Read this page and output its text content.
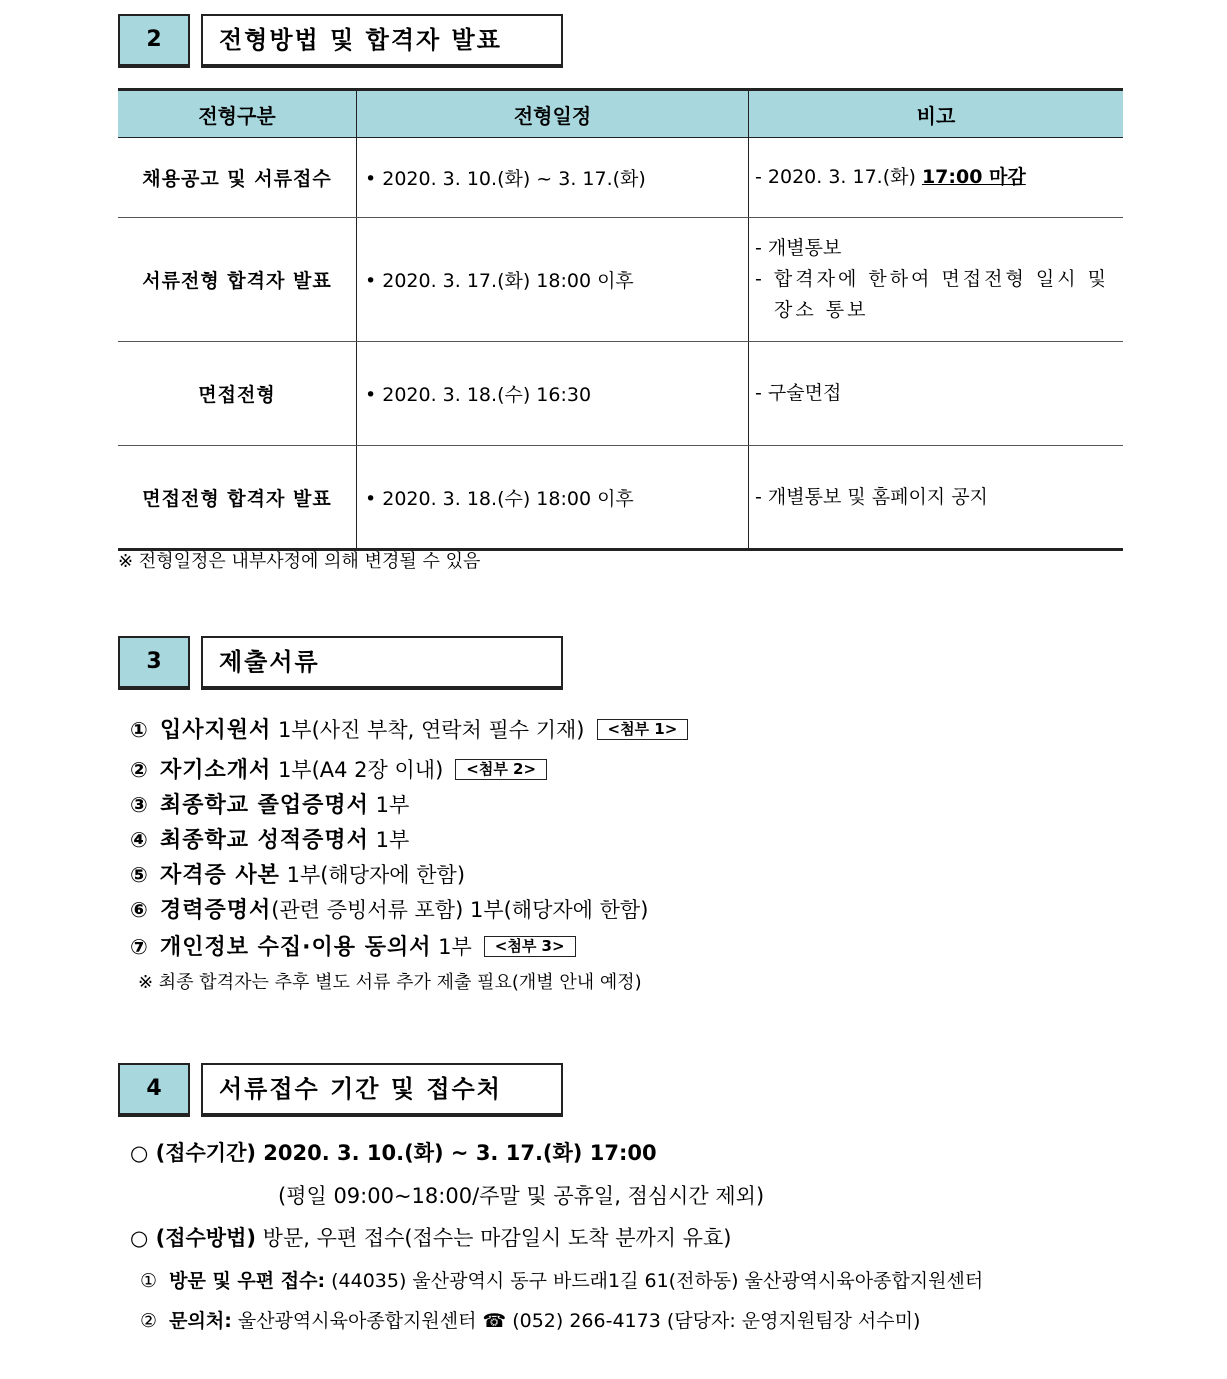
2	전형방법 및 합격자 발표
전형구분	전형일정	비고
채용공고 및 서류접수	• 2020. 3. 10.(화) ~ 3. 17.(화)	- 2020. 3. 17.(화) 17:00 마감
서류전형 합격자 발표	• 2020. 3. 17.(화) 18:00 이후	- 개별통보
- 합격자에 한하여 면접전형 일시 및
장소 통보

면접전형	• 2020. 3. 18.(수) 16:30	- 구술면접
면접전형 합격자 발표	• 2020. 3. 18.(수) 18:00 이후	- 개별통보 및 홈페이지 공지
※ 전형일정은 내부사정에 의해 변경될 수 있음
3	제출서류
① 입사지원서 1부(사진 부착, 연락처 필수 기재) <첨부 1>
② 자기소개서 1부(A4 2장 이내) <첨부 2>
③ 최종학교 졸업증명서 1부
④ 최종학교 성적증명서 1부
⑤ 자격증 사본 1부(해당자에 한함)
⑥ 경력증명서(관련 증빙서류 포함) 1부(해당자에 한함)
⑦ 개인정보 수집·이용 동의서 1부 <첨부 3>
※ 최종 합격자는 추후 별도 서류 추가 제출 필요(개별 안내 예정)
4	서류접수 기간 및 접수처
○ (접수기간) 2020. 3. 10.(화) ~ 3. 17.(화) 17:00
(평일 09:00~18:00/주말 및 공휴일, 점심시간 제외)
○ (접수방법) 방문, 우편 접수(접수는 마감일시 도착 분까지 유효)
① 방문 및 우편 접수: (44035) 울산광역시 동구 바드래1길 61(전하동) 울산광역시육아종합지원센터
② 문의처: 울산광역시육아종합지원센터 ☎ (052) 266-4173 (담당자: 운영지원팀장 서수미)
